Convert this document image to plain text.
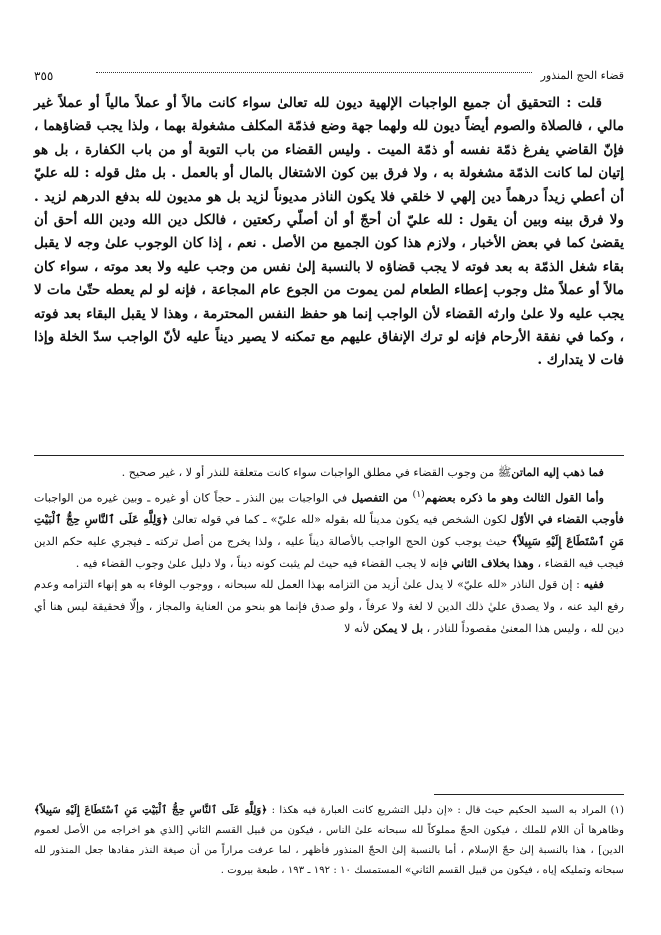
قضاء الحج المنذور
٣٥٥

قلت : التحقيق أن جميع الواجبات الإلهية ديون لله تعالىٰ سواء كانت مالاً أو عملاً مالياً أو عملاً غير مالي ، فالصلاة والصوم أيضاً ديون لله ولهما جهة وضع فذمّة المكلف مشغولة بهما ، ولذا يجب قضاؤهما ، فإنّ القاضي يفرغ ذمّة نفسه أو ذمّة الميت . وليس القضاء من باب التوبة أو من باب الكفارة ، بل هو إتيان لما كانت الذمّة مشغولة به ، ولا فرق بين كون الاشتغال بالمال أو بالعمل . بل مثل قوله : لله عليّ أن أعطي زيداً درهماً دين إلهي لا خلقي فلا يكون الناذر مديوناً لزيد بل هو مديون لله بدفع الدرهم لزيد . ولا فرق بينه وبين أن يقول : لله عليّ أن أحجّ أو أن أصلّي ركعتين ، فالكل دين الله ودين الله أحق أن يقضىٰ كما في بعض الأخبار ، ولازم هذا كون الجميع من الأصل . نعم ، إذا كان الوجوب علىٰ وجه لا يقبل بقاء شغل الذمّة به بعد فوته لا يجب قضاؤه لا بالنسبة إلىٰ نفس من وجب عليه ولا بعد موته ، سواء كان مالاً أو عملاً مثل وجوب إعطاء الطعام لمن يموت من الجوع عام المجاعة ، فإنه لو لم يعطه حتّىٰ مات لا يجب عليه ولا علىٰ وارثه القضاء لأن الواجب إنما هو حفظ النفس المحترمة ، وهذا لا يقبل البقاء بعد فوته ، وكما في نفقة الأرحام فإنه لو ترك الإنفاق عليهم مع تمكنه لا يصير ديناً عليه لأنّ الواجب سدّ الخلة وإذا فات لا يتدارك .

فما ذهب إليه الماتنﷺ من وجوب القضاء في مطلق الواجبات سواء كانت متعلقة للنذر أو لا ، غير صحيح .

وأما القول الثالث وهو ما ذكره بعضهم$^{(١)}$ من التفصيل في الواجبات بين النذر ـ حجاً كان أو غيره ـ وبين غيره من الواجبات فأوجب القضاء في الأوّل لكون الشخص فيه يكون مديناً لله بقوله «لله عليّ» ـ كما في قوله تعالىٰ ﴿وَلِلَّهِ عَلَى ٱلنَّاسِ حِجُّ ٱلْبَيْتِ مَنِ ٱسْتَطَاعَ إِلَيْهِ سَبِيلاً﴾ حيث يوجب كون الحج الواجب بالأصالة ديناً عليه ، ولذا يخرج من أصل تركته ـ فيجري عليه حكم الدين فيجب فيه القضاء ، وهذا بخلاف الثاني فإنه لا يجب القضاء فيه حيث لم يثبت كونه ديناً ، ولا دليل علىٰ وجوب القضاء فيه .

ففيه : إن قول الناذر «لله عليّ» لا يدل علىٰ أزيد من التزامه بهذا العمل لله سبحانه ، ووجوب الوفاء به هو إنهاء التزامه وعدم رفع اليد عنه ، ولا يصدق عليٰ ذلك الدين لا لغة ولا عرفاً ، ولو صدق فإنما هو بنحو من العناية والمجاز ، وإلّا فحقيقة ليس هنا أي دين لله ، وليس هذا المعنىٰ مقصوداً للناذر ، بل لا يمكن لأنه لا

(١) المراد به السيد الحكيم حيث قال : «إن دليل التشريع كانت العبارة فيه هكذا : ﴿وَلِلَّهِ عَلَى ٱلنَّاسِ حِجُّ ٱلْبَيْتِ مَنِ ٱسْتَطَاعَ إِلَيْهِ سَبِيلاً﴾ وظاهرها أن اللام للملك ، فيكون الحجّ مملوكاً لله سبحانه علىٰ الناس ، فيكون من قبيل القسم الثاني [الذي هو اخراجه من الأصل لعموم الدين] ، هذا بالنسبة إلىٰ حجّ الإسلام ، أما بالنسبة إلىٰ الحجّ المنذور فأظهر ، لما عرفت مراراً من أن صيغة النذر مفادها جعل المنذور لله سبحانه وتمليكه إياه ، فيكون من قبيل القسم الثاني» المستمسك ١٠ : ١٩٢ ـ ١٩٣ ، طبعة بيروت .
